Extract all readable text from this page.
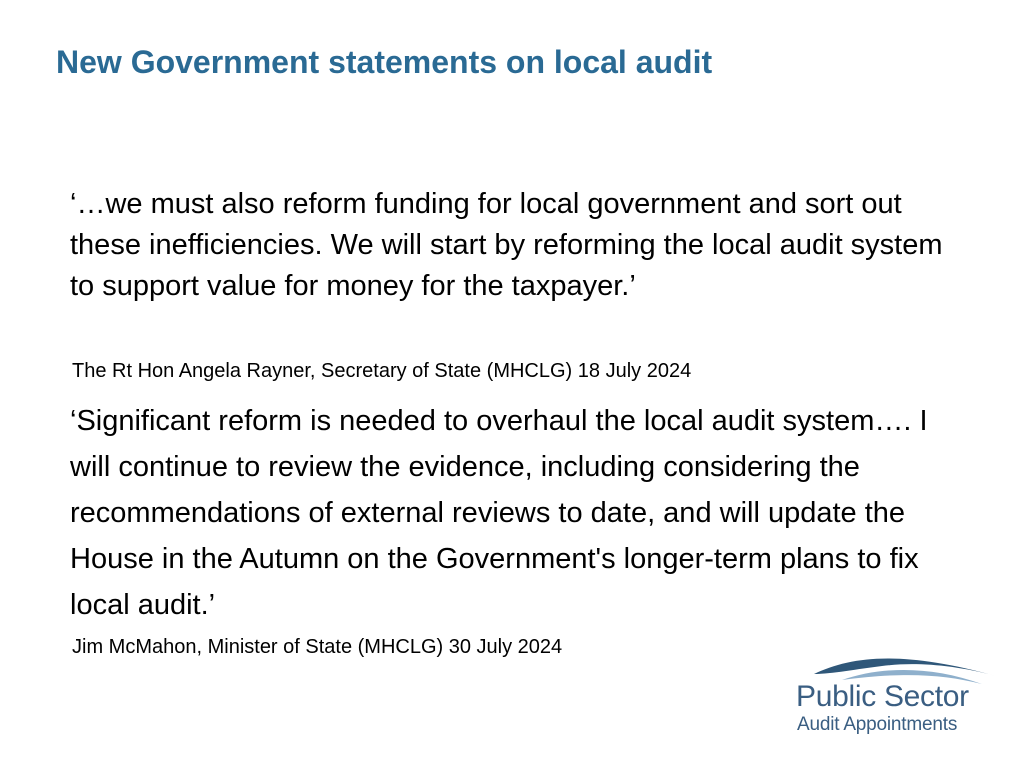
New Government statements on local audit

‘…we must also reform funding for local government and sort out these inefficiencies. We will start by reforming the local audit system to support value for money for the taxpayer.’

The Rt Hon Angela Rayner, Secretary of State (MHCLG) 18 July 2024

‘Significant reform is needed to overhaul the local audit system…. I will continue to review the evidence, including considering the recommendations of external reviews to date, and will update the House in the Autumn on the Government's longer-term plans to fix local audit.’

Jim McMahon, Minister of State (MHCLG) 30 July 2024

Public Sector
Audit Appointments
